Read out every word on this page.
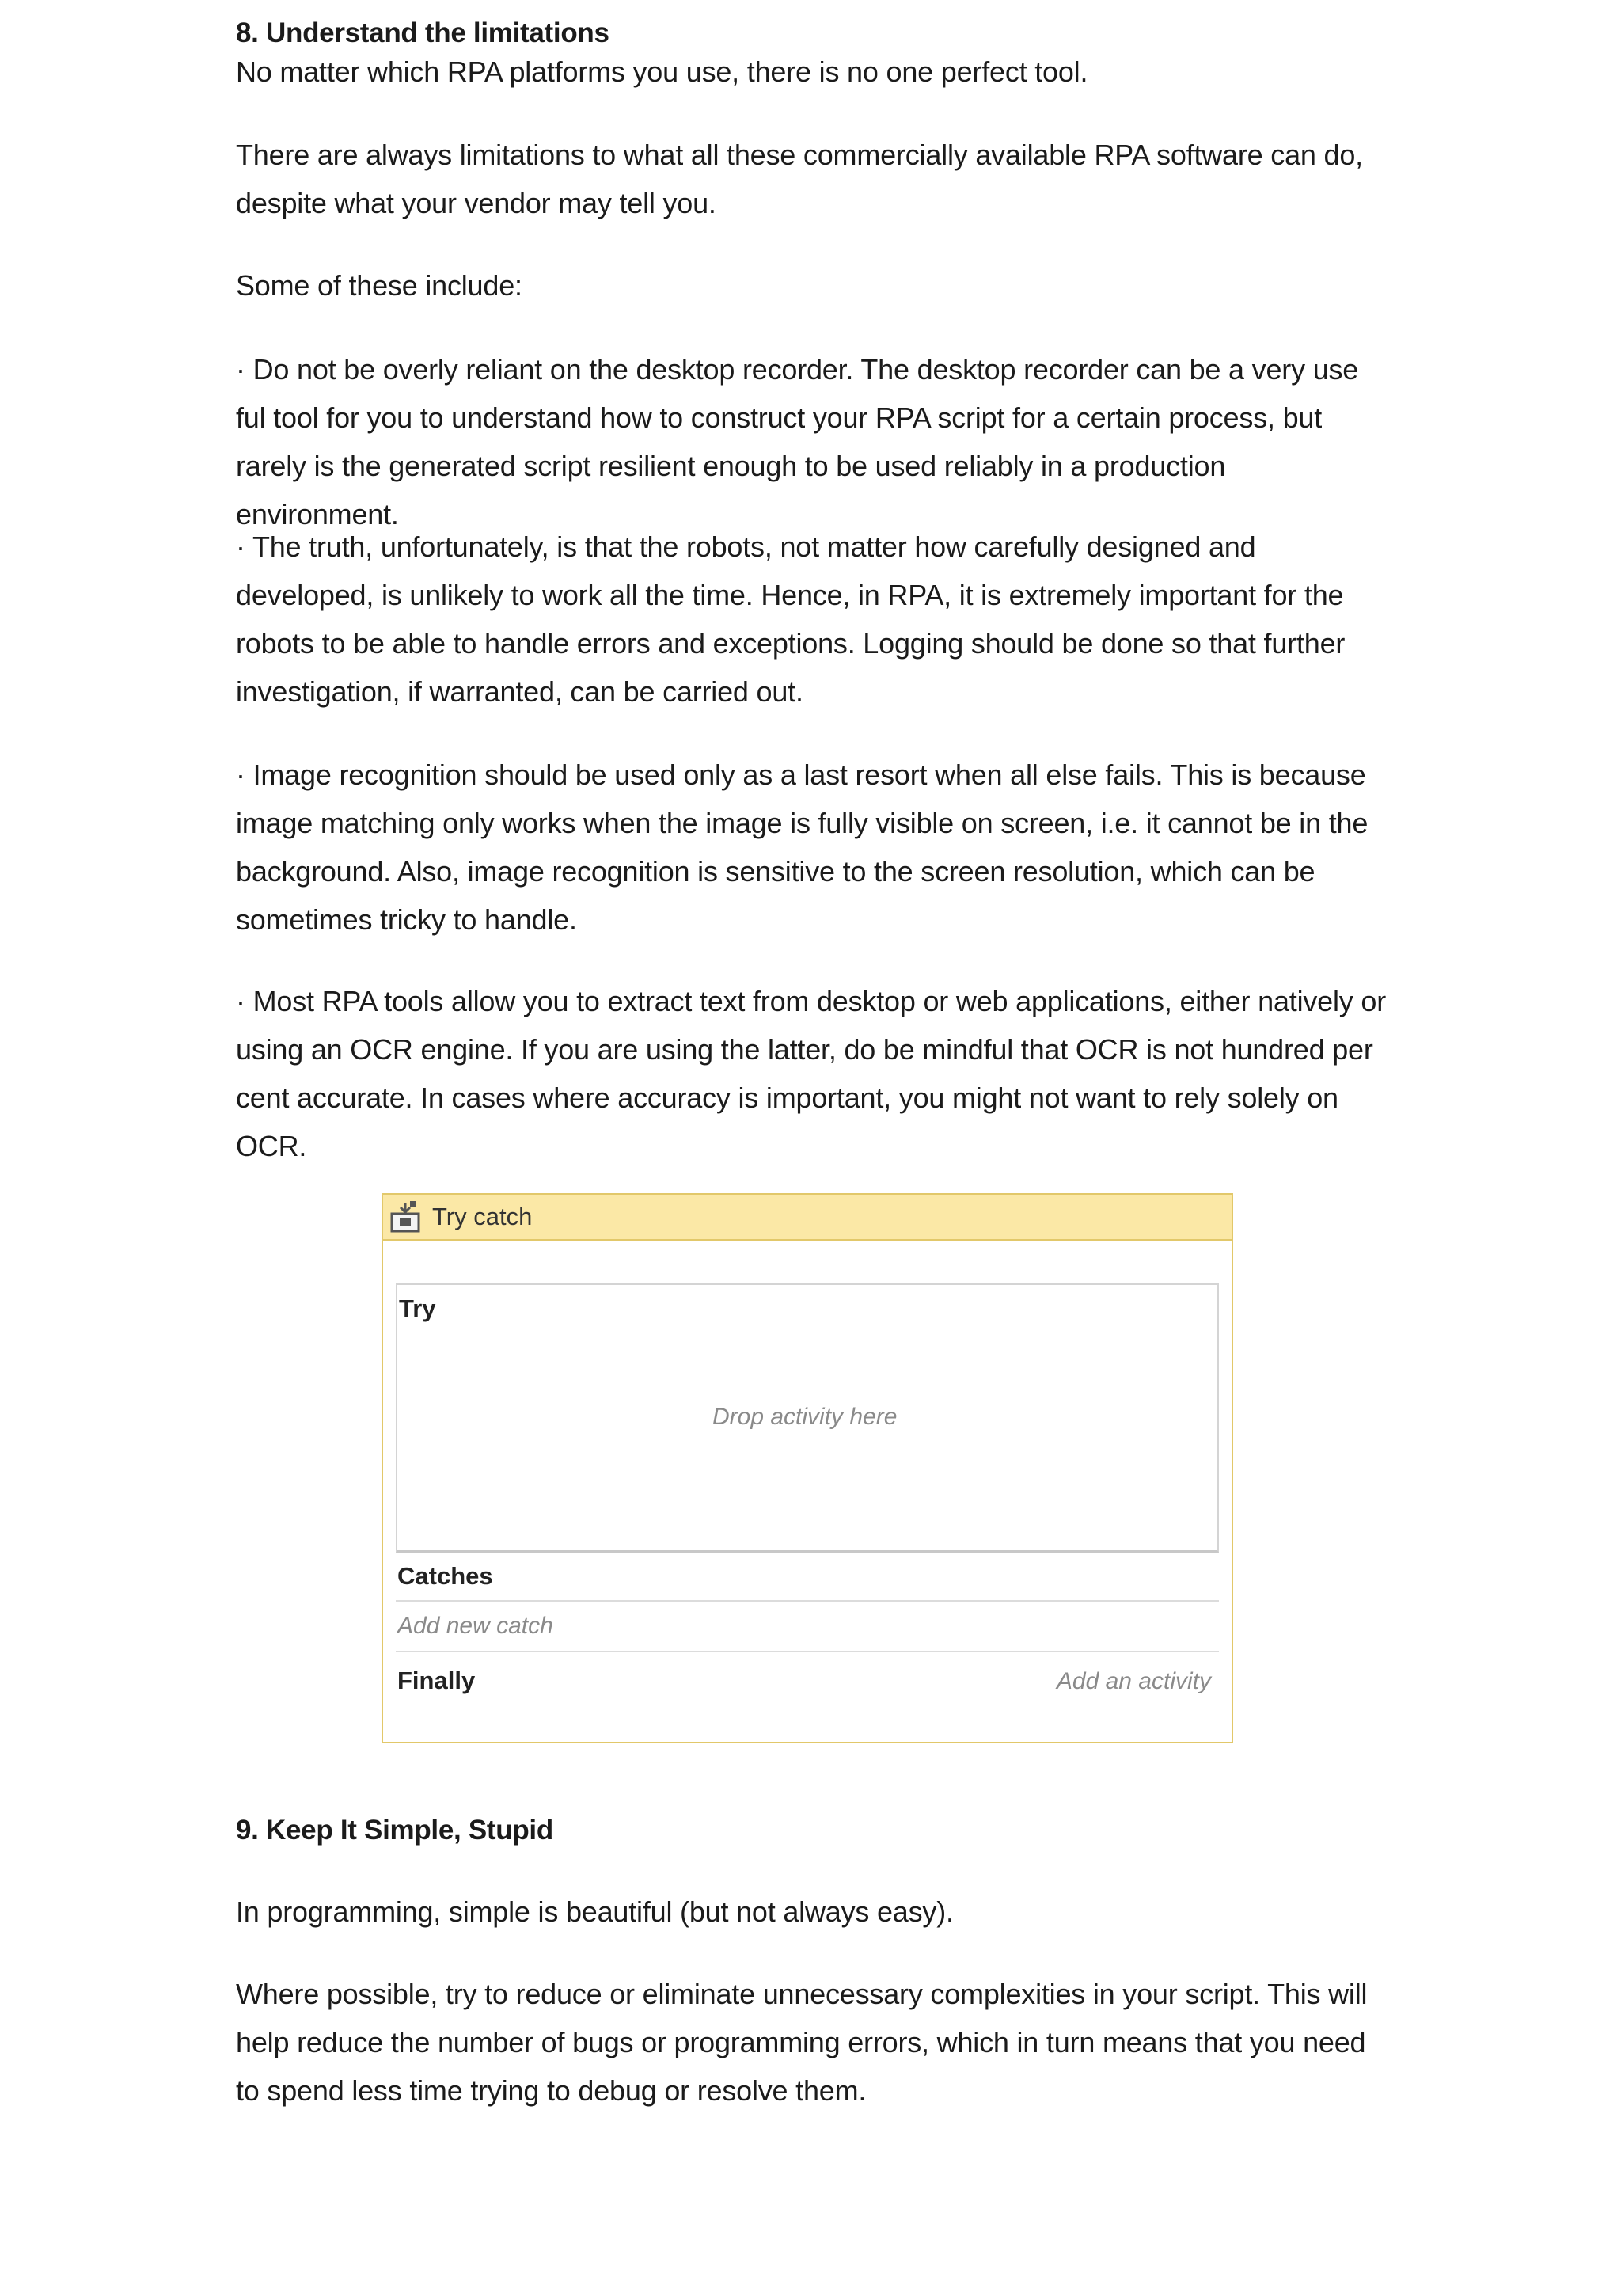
8. Understand the limitations

No matter which RPA platforms you use, there is no one perfect tool.

There are always limitations to what all these commercially available RPA software can do, despite what your vendor may tell you.

Some of these include:

· Do not be overly reliant on the desktop recorder. The desktop recorder can be a very use ful tool for you to understand how to construct your RPA script for a certain process, but rarely is the generated script resilient enough to be used reliably in a production environment.

· The truth, unfortunately, is that the robots, not matter how carefully designed and developed, is unlikely to work all the time. Hence, in RPA, it is extremely important for the robots to be able to handle errors and exceptions. Logging should be done so that further investigation, if warranted, can be carried out.

· Image recognition should be used only as a last resort when all else fails. This is because image matching only works when the image is fully visible on screen, i.e. it cannot be in the background. Also, image recognition is sensitive to the screen resolution, which can be sometimes tricky to handle.

· Most RPA tools allow you to extract text from desktop or web applications, either natively or using an OCR engine. If you are using the latter, do be mindful that OCR is not hundred per cent accurate. In cases where accuracy is important, you might not want to rely solely on OCR.

9. Keep It Simple, Stupid

In programming, simple is beautiful (but not always easy).

Where possible, try to reduce or eliminate unnecessary complexities in your script. This will help reduce the number of bugs or programming errors, which in turn means that you need to spend less time trying to debug or resolve them.

Try catch
Try
Drop activity here
Catches
Add new catch
Finally	Add an activity
